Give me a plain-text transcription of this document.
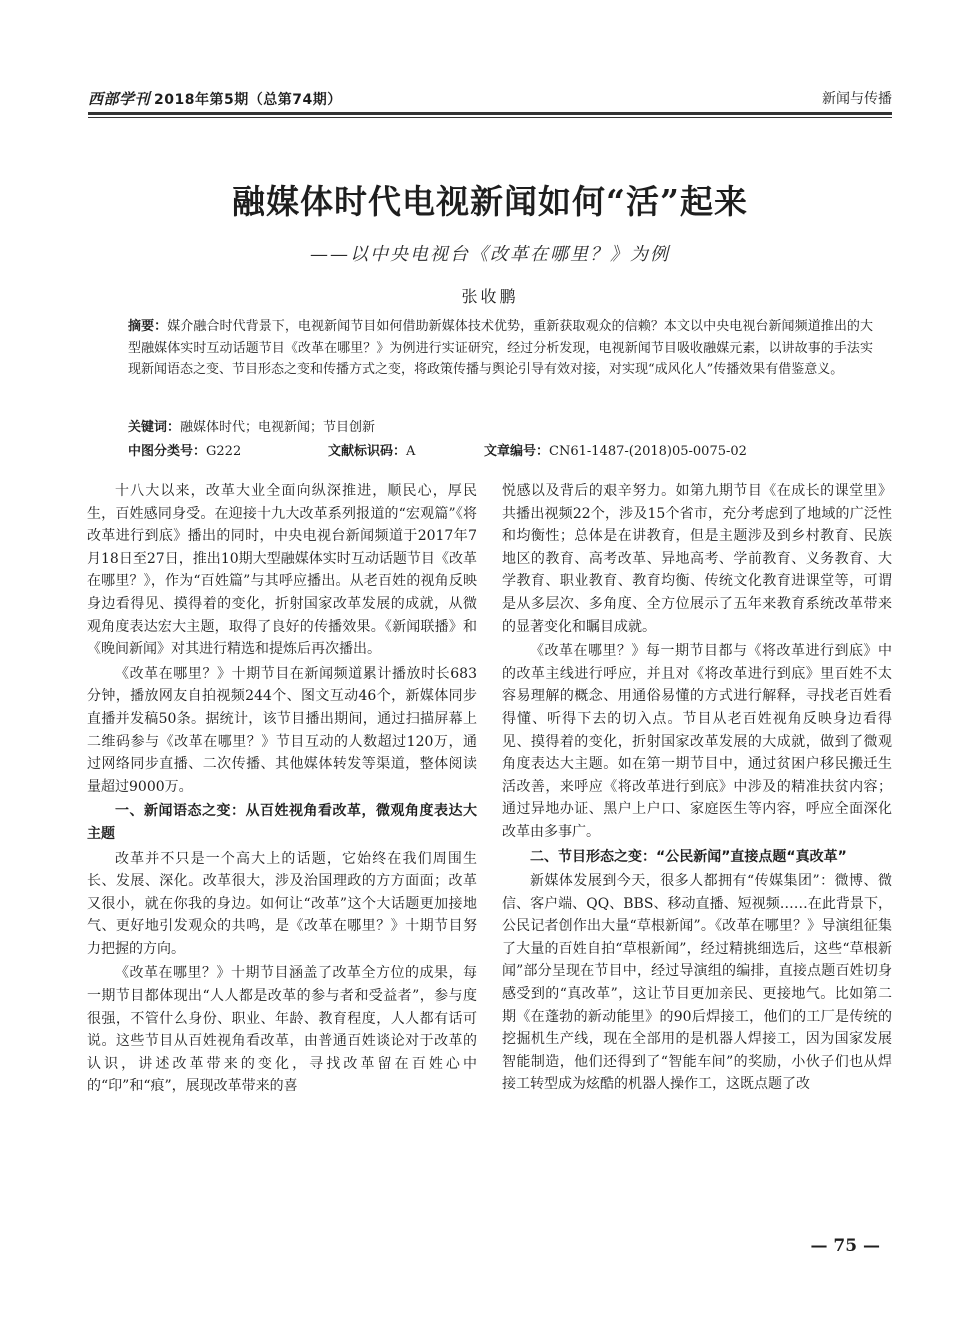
西部学刊 2018年第5期（总第74期）	新闻与传播
融媒体时代电视新闻如何“活”起来
——以中央电视台《改革在哪里？》为例
张收鹏
摘要：媒介融合时代背景下，电视新闻节目如何借助新媒体技术优势，重新获取观众的信赖？本文以中央电视台新闻频道推出的大型融媒体实时互动话题节目《改革在哪里？》为例进行实证研究，经过分析发现，电视新闻节目吸收融媒元素，以讲故事的手法实现新闻语态之变、节目形态之变和传播方式之变，将政策传播与舆论引导有效对接，对实现“成风化人”传播效果有借鉴意义。
关键词：融媒体时代；电视新闻；节目创新
中图分类号：G222	文献标识码：A	文章编号：CN61-1487-(2018)05-0075-02

十八大以来，改革大业全面向纵深推进，顺民心，厚民生，百姓感同身受。在迎接十九大改革系列报道的“宏观篇”《将改革进行到底》播出的同时，中央电视台新闻频道于2017年7月18日至27日，推出10期大型融媒体实时互动话题节目《改革在哪里？》，作为“百姓篇”与其呼应播出。从老百姓的视角反映身边看得见、摸得着的变化，折射国家改革发展的成就，从微观角度表达宏大主题，取得了良好的传播效果。《新闻联播》和《晚间新闻》对其进行精选和提炼后再次播出。

《改革在哪里？》十期节目在新闻频道累计播放时长683分钟，播放网友自拍视频244个、图文互动46个，新媒体同步直播并发稿50条。据统计，该节目播出期间，通过扫描屏幕上二维码参与《改革在哪里？》节目互动的人数超过120万，通过网络同步直播、二次传播、其他媒体转发等渠道，整体阅读量超过9000万。

一、新闻语态之变：从百姓视角看改革，微观角度表达大主题

改革并不只是一个高大上的话题，它始终在我们周围生长、发展、深化。改革很大，涉及治国理政的方方面面；改革又很小，就在你我的身边。如何让“改革”这个大话题更加接地气、更好地引发观众的共鸣，是《改革在哪里？》十期节目努力把握的方向。

《改革在哪里？》十期节目涵盖了改革全方位的成果，每一期节目都体现出“人人都是改革的参与者和受益者”，参与度很强，不管什么身份、职业、年龄、教育程度，人人都有话可说。这些节目从百姓视角看改革，由普通百姓谈论对于改革的认识，讲述改革带来的变化，寻找改革留在百姓心中的“印”和“痕”，展现改革带来的喜

悦感以及背后的艰辛努力。如第九期节目《在成长的课堂里》共播出视频22个，涉及15个省市，充分考虑到了地域的广泛性和均衡性；总体是在讲教育，但是主题涉及到乡村教育、民族地区的教育、高考改革、异地高考、学前教育、义务教育、大学教育、职业教育、教育均衡、传统文化教育进课堂等，可谓是从多层次、多角度、全方位展示了五年来教育系统改革带来的显著变化和瞩目成就。

《改革在哪里？》每一期节目都与《将改革进行到底》中的改革主线进行呼应，并且对《将改革进行到底》里百姓不太容易理解的概念、用通俗易懂的方式进行解释，寻找老百姓看得懂、听得下去的切入点。节目从老百姓视角反映身边看得见、摸得着的变化，折射国家改革发展的大成就，做到了微观角度表达大主题。如在第一期节目中，通过贫困户移民搬迁生活改善，来呼应《将改革进行到底》中涉及的精准扶贫内容；通过异地办证、黑户上户口、家庭医生等内容，呼应全面深化改革由多事广。

二、节目形态之变：“公民新闻”直接点题“真改革”

新媒体发展到今天，很多人都拥有“传媒集团”：微博、微信、客户端、QQ、BBS、移动直播、短视频……在此背景下，公民记者创作出大量“草根新闻”。《改革在哪里？》导演组征集了大量的百姓自拍“草根新闻”，经过精挑细选后，这些“草根新闻”部分呈现在节目中，经过导演组的编排，直接点题百姓切身感受到的“真改革”，这让节目更加亲民、更接地气。比如第二期《在蓬勃的新动能里》的90后焊接工，他们的工厂是传统的挖掘机生产线，现在全部用的是机器人焊接工，因为国家发展智能制造，他们还得到了“智能车间”的奖励，小伙子们也从焊接工转型成为炫酷的机器人操作工，这既点题了改

— 75 —
